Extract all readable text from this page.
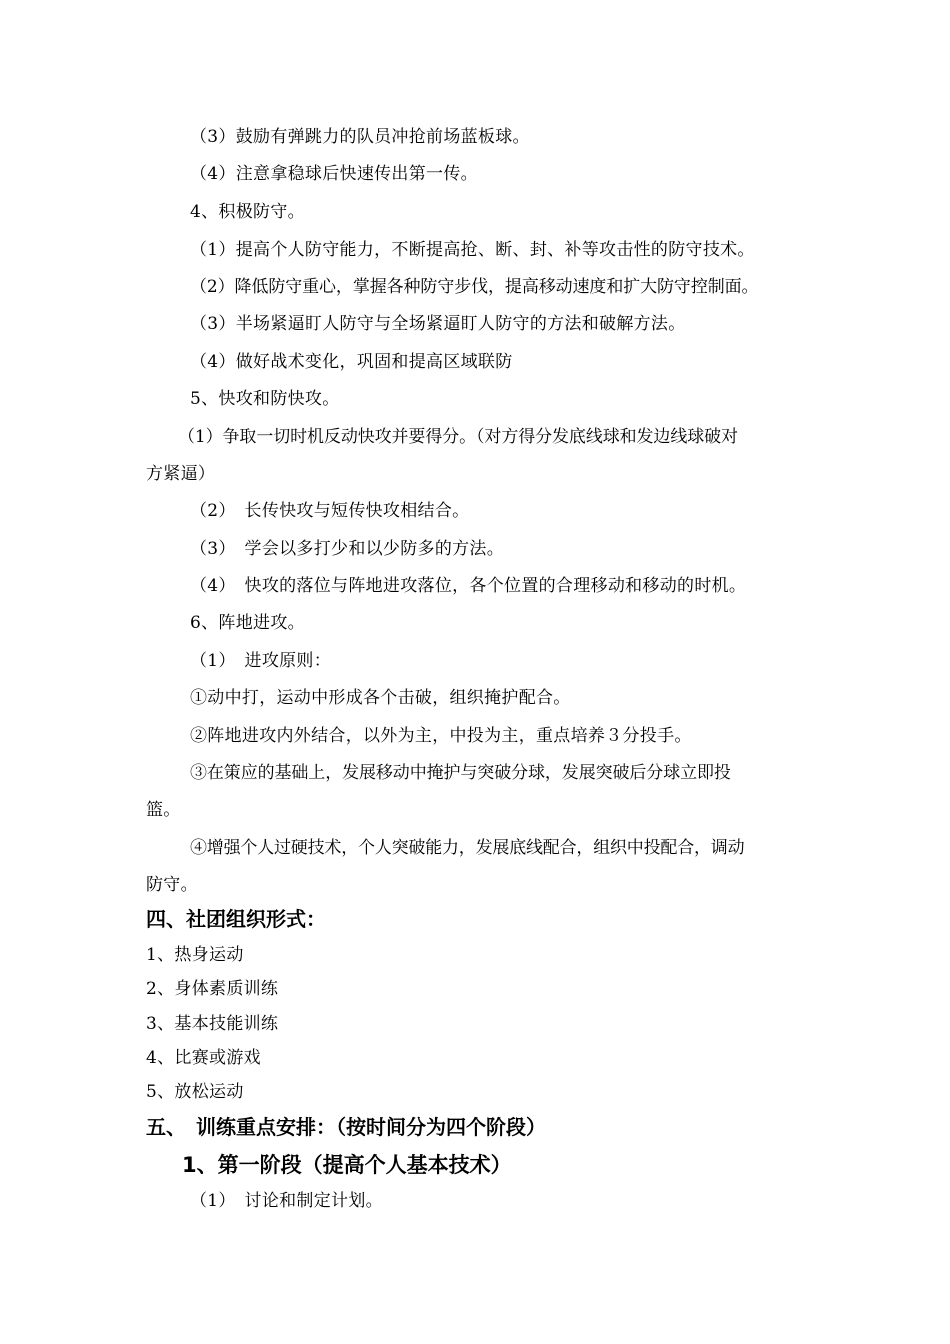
（3）鼓励有弹跳力的队员冲抢前场蓝板球。
（4）注意拿稳球后快速传出第一传。
4、积极防守。
（1）提高个人防守能力，不断提高抢、断、封、补等攻击性的防守技术。
（2）降低防守重心，掌握各种防守步伐，提高移动速度和扩大防守控制面。
（3）半场紧逼盯人防守与全场紧逼盯人防守的方法和破解方法。
（4）做好战术变化，巩固和提高区域联防
5、快攻和防快攻。
（1）争取一切时机反动快攻并要得分。（对方得分发底线球和发边线球破对
方紧逼）
（2）　长传快攻与短传快攻相结合。
（3）　学会以多打少和以少防多的方法。
（4）　快攻的落位与阵地进攻落位，各个位置的合理移动和移动的时机。
6、阵地进攻。
（1）　进攻原则：
①动中打，运动中形成各个击破，组织掩护配合。
②阵地进攻内外结合，以外为主，中投为主，重点培养３分投手。
③在策应的基础上，发展移动中掩护与突破分球，发展突破后分球立即投
篮。
④增强个人过硬技术，个人突破能力，发展底线配合，组织中投配合，调动
防守。
四、社团组织形式：
1、热身运动
2、身体素质训练
3、基本技能训练
4、比赛或游戏
5、放松运动
五、　训练重点安排：（按时间分为四个阶段）
1、第一阶段（提高个人基本技术）
（1）　讨论和制定计划。
